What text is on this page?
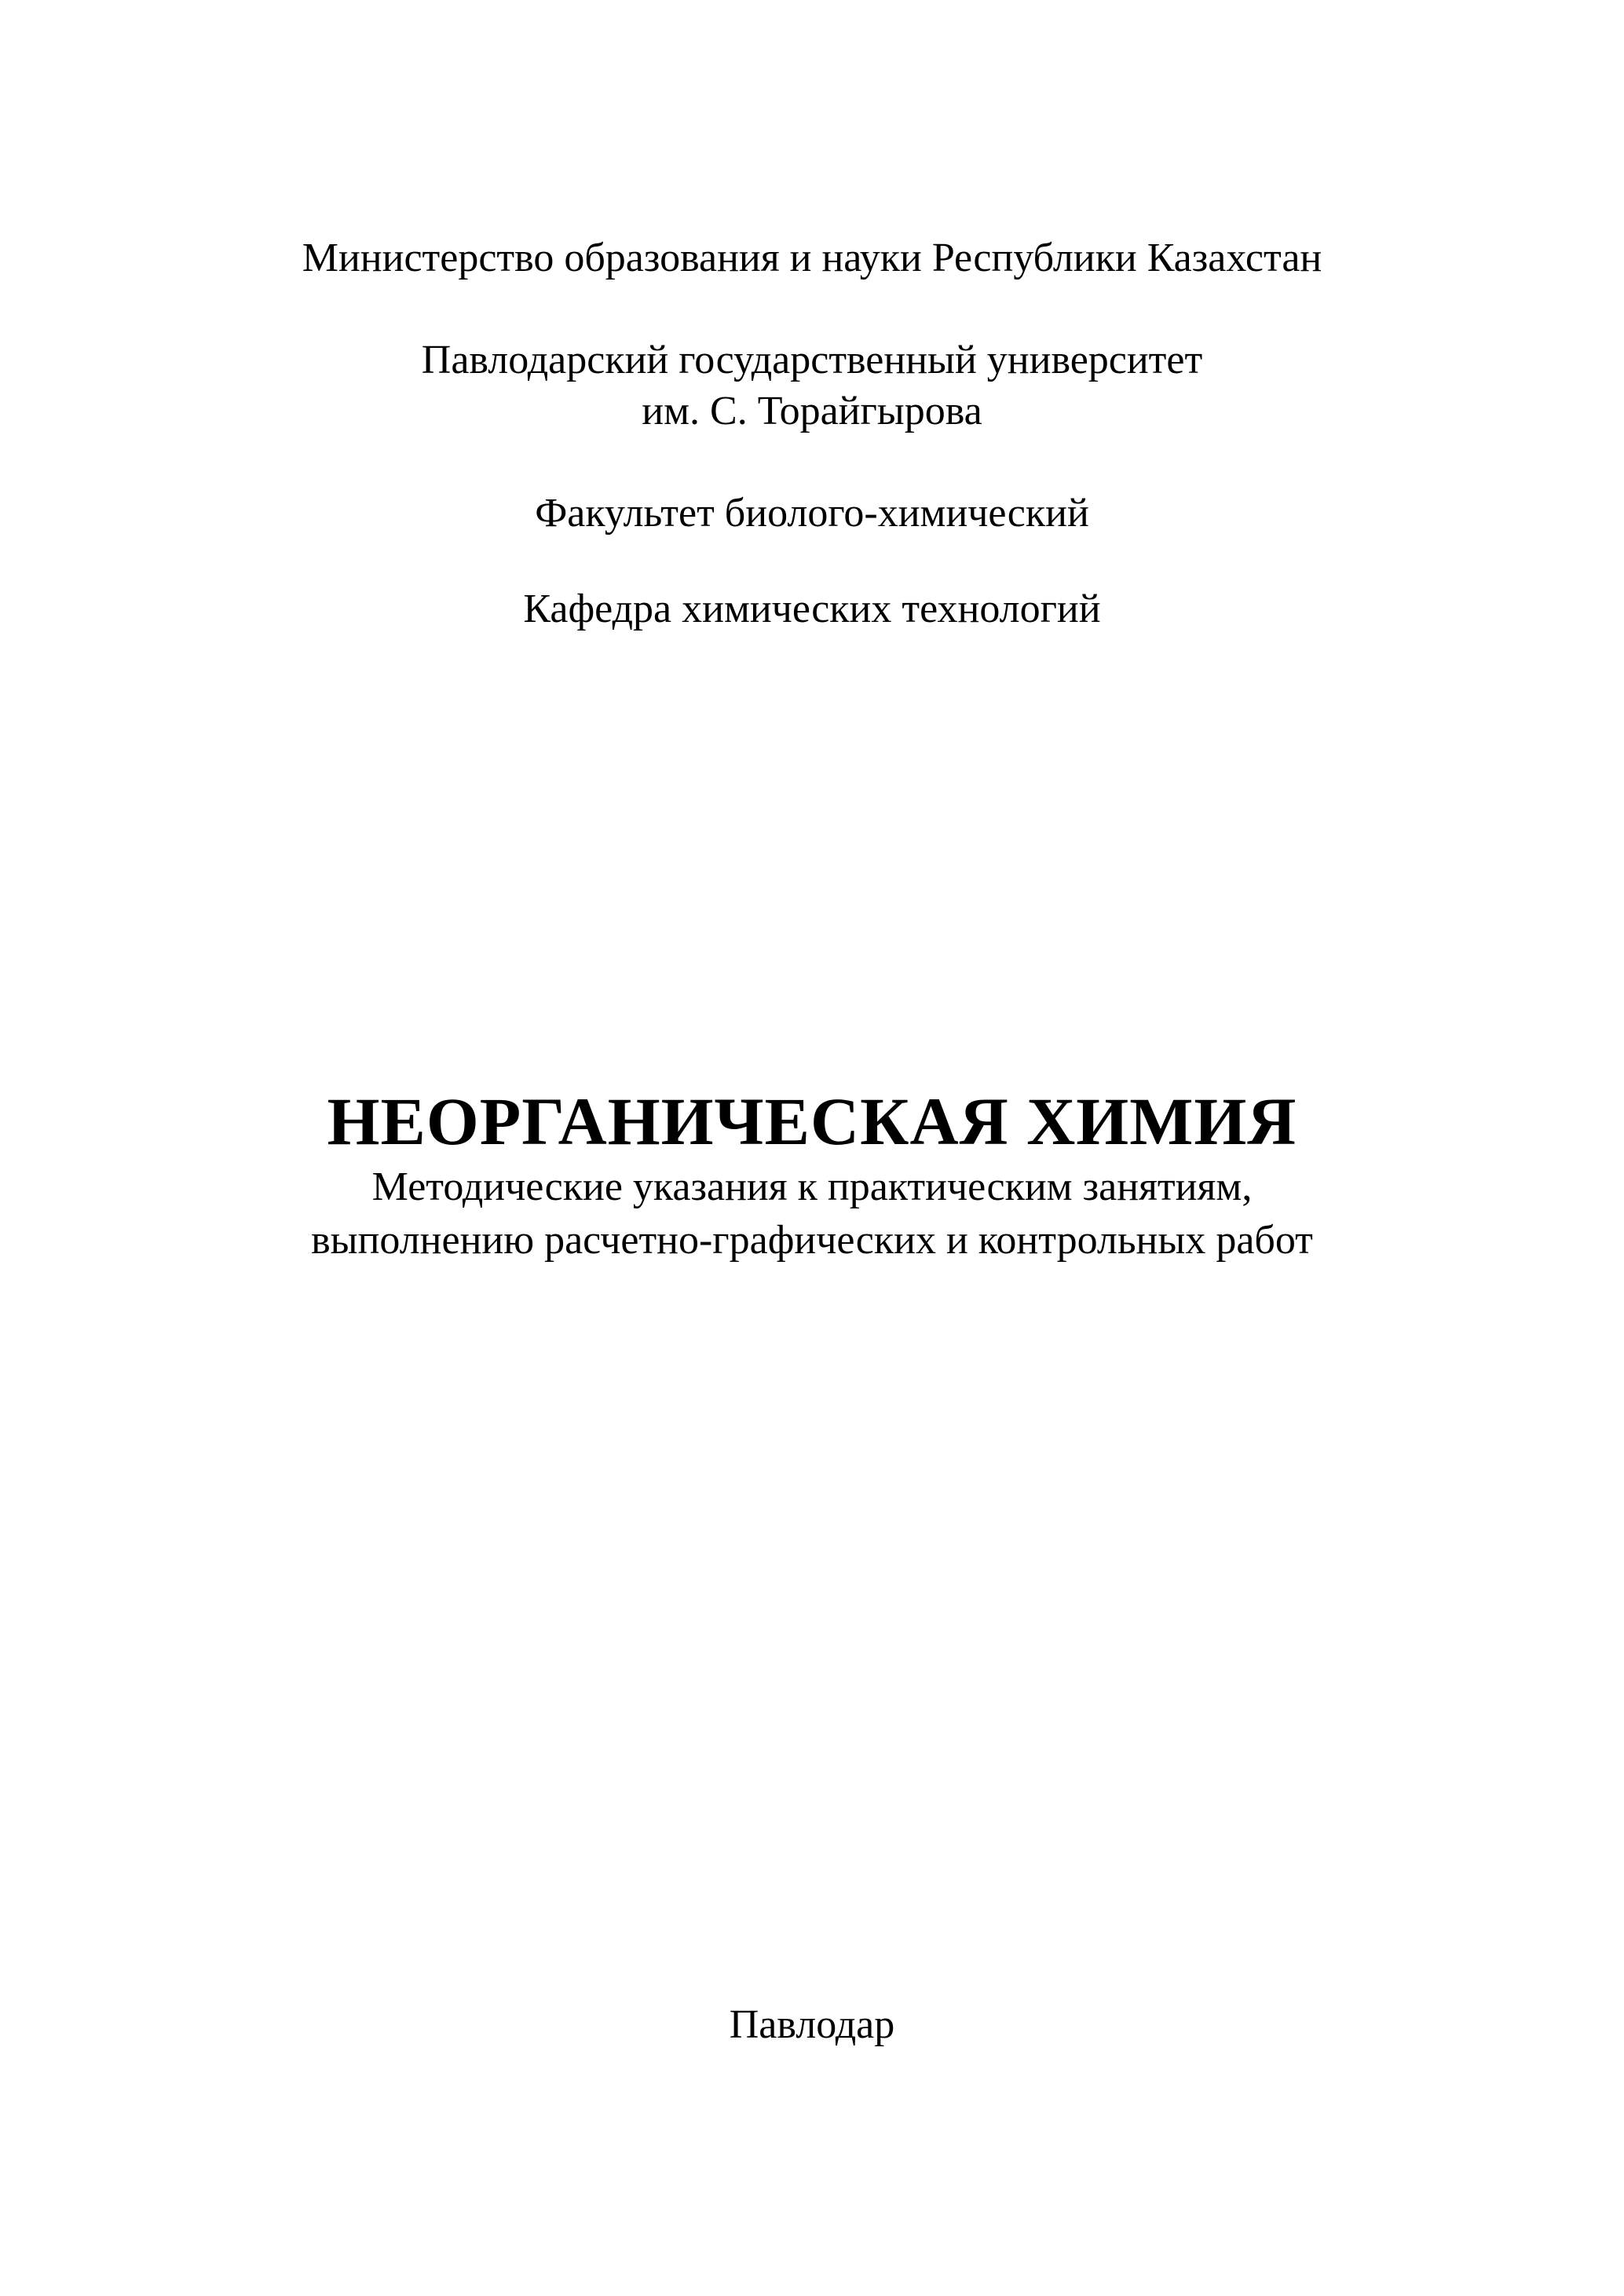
Министерство образования и науки Республики Казахстан
Павлодарский государственный университет
им. С. Торайгырова
Факультет биолого-химический
Кафедра химических технологий
НЕОРГАНИЧЕСКАЯ ХИМИЯ
Методические указания к практическим занятиям,
выполнению расчетно-графических и контрольных работ
Павлодар
